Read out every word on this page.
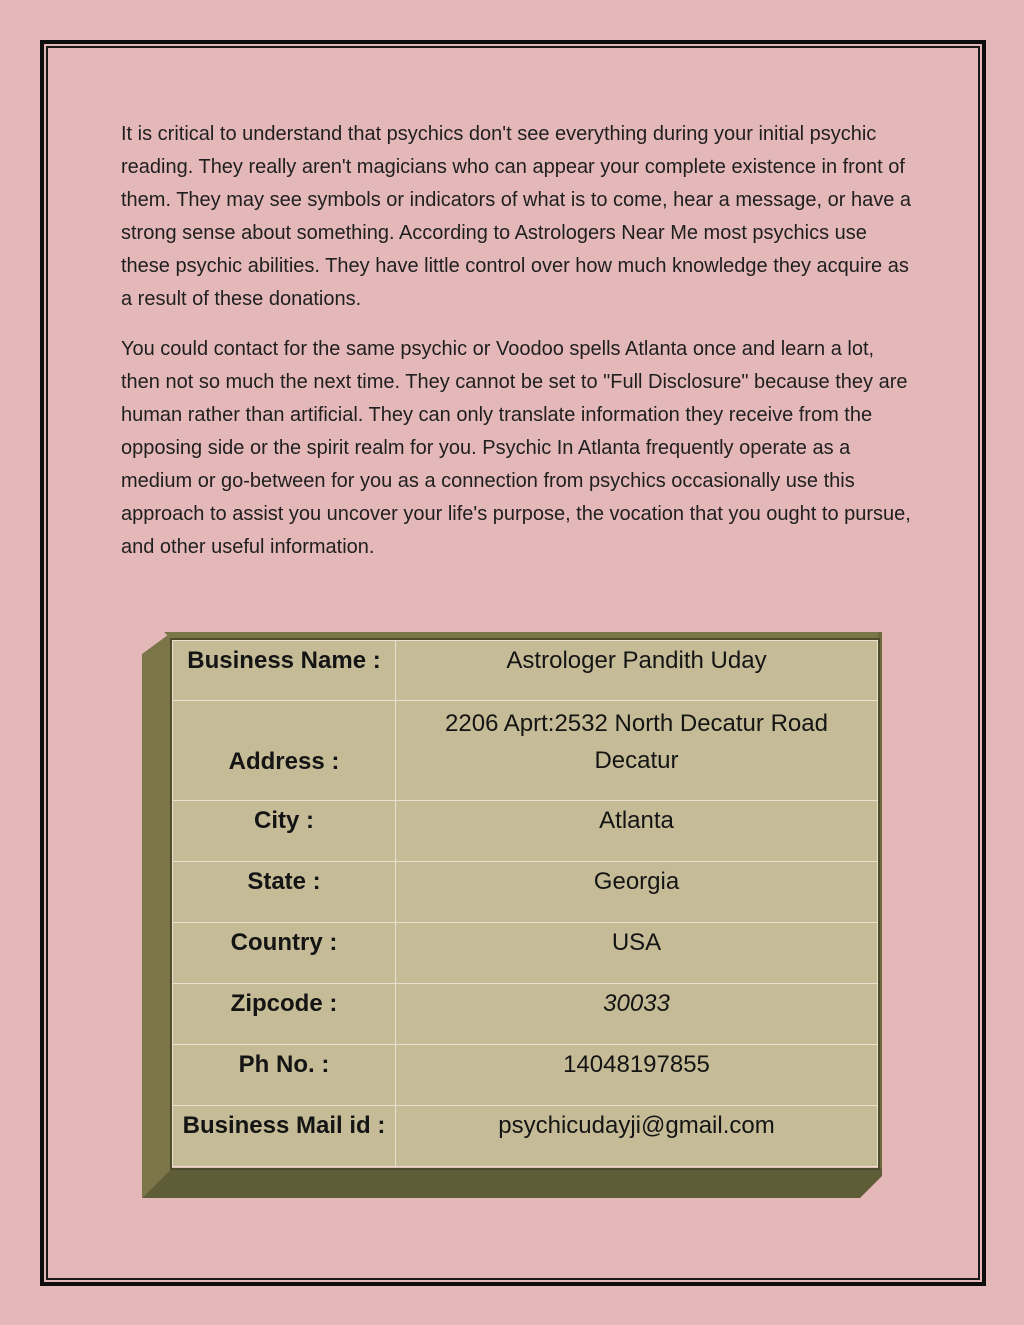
It is critical to understand that psychics don't see everything during your initial psychic reading. They really aren't magicians who can appear your complete existence in front of them. They may see symbols or indicators of what is to come, hear a message, or have a strong sense about something. According to Astrologers Near Me most psychics use these psychic abilities. They have little control over how much knowledge they acquire as a result of these donations.

You could contact for the same psychic or Voodoo spells Atlanta once and learn a lot, then not so much the next time. They cannot be set to "Full Disclosure" because they are human rather than artificial. They can only translate information they receive from the opposing side or the spirit realm for you. Psychic In Atlanta frequently operate as a medium or go-between for you as a connection from psychics occasionally use this approach to assist you uncover your life's purpose, the vocation that you ought to pursue, and other useful information.

Business Name :	Astrologer Pandith Uday
Address :	2206 Aprt:2532 North Decatur Road
Decatur

City :	Atlanta
State :	Georgia
Country :	USA
Zipcode :	30033
Ph No. :	14048197855
Business Mail id :	psychicudayji@gmail.com
